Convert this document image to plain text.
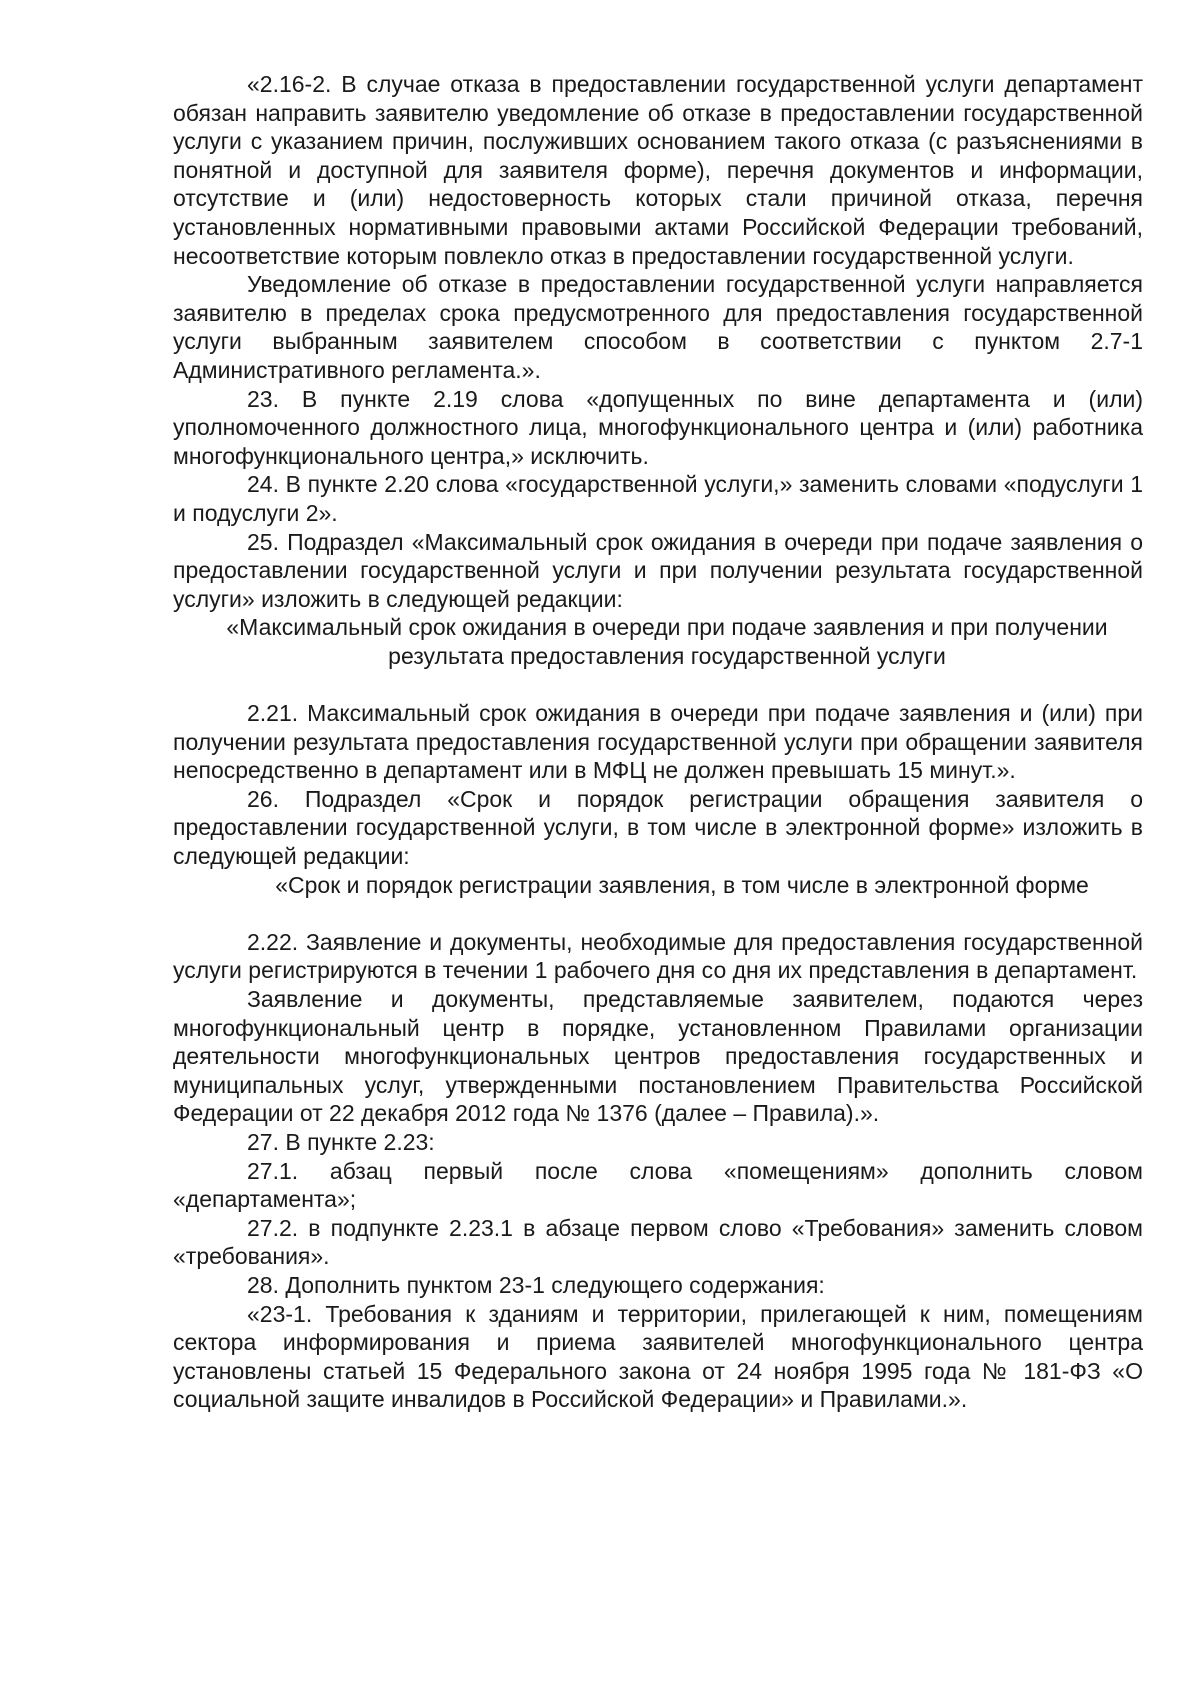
«2.16-2. В случае отказа в предоставлении государственной услуги департамент обязан направить заявителю уведомление об отказе в предоставлении государственной услуги с указанием причин, послуживших основанием такого отказа (с разъяснениями в понятной и доступной для заявителя форме), перечня документов и информации, отсутствие и (или) недостоверность которых стали причиной отказа, перечня установленных нормативными правовыми актами Российской Федерации требований, несоответствие которым повлекло отказ в предоставлении государственной услуги.

Уведомление об отказе в предоставлении государственной услуги направляется заявителю в пределах срока предусмотренного для предоставления государственной услуги выбранным заявителем способом в соответствии с пунктом 2.7-1 Административного регламента.».

23. В пункте 2.19 слова «допущенных по вине департамента и (или) уполномоченного должностного лица, многофункционального центра и (или) работника многофункционального центра,» исключить.

24. В пункте 2.20 слова «государственной услуги,» заменить словами «подуслуги 1 и подуслуги 2».

25. Подраздел «Максимальный срок ожидания в очереди при подаче заявления о предоставлении государственной услуги и при получении результата государственной услуги» изложить в следующей редакции:

«Максимальный срок ожидания в очереди при подаче заявления и при получении результата предоставления государственной услуги

2.21. Максимальный срок ожидания в очереди при подаче заявления и (или) при получении результата предоставления государственной услуги при обращении заявителя непосредственно в департамент или в МФЦ не должен превышать 15 минут.».

26. Подраздел «Срок и порядок регистрации обращения заявителя о предоставлении государственной услуги, в том числе в электронной форме» изложить в следующей редакции:

«Срок и порядок регистрации заявления, в том числе в электронной форме

2.22. Заявление и документы, необходимые для предоставления государственной услуги регистрируются в течении 1 рабочего дня со дня их представления в департамент.

Заявление и документы, представляемые заявителем, подаются через многофункциональный центр в порядке, установленном Правилами организации деятельности многофункциональных центров предоставления государственных и муниципальных услуг, утвержденными постановлением Правительства Российской Федерации от 22 декабря 2012 года № 1376 (далее – Правила).».

27. В пункте 2.23:

27.1. абзац первый после слова «помещениям» дополнить словом «департамента»;

27.2. в подпункте 2.23.1 в абзаце первом слово «Требования» заменить словом «требования».

28. Дополнить пунктом 23-1 следующего содержания:

«23-1. Требования к зданиям и территории, прилегающей к ним, помещениям сектора информирования и приема заявителей многофункционального центра установлены статьей 15 Федерального закона от 24 ноября 1995 года № 181-ФЗ «О социальной защите инвалидов в Российской Федерации» и Правилами.».
